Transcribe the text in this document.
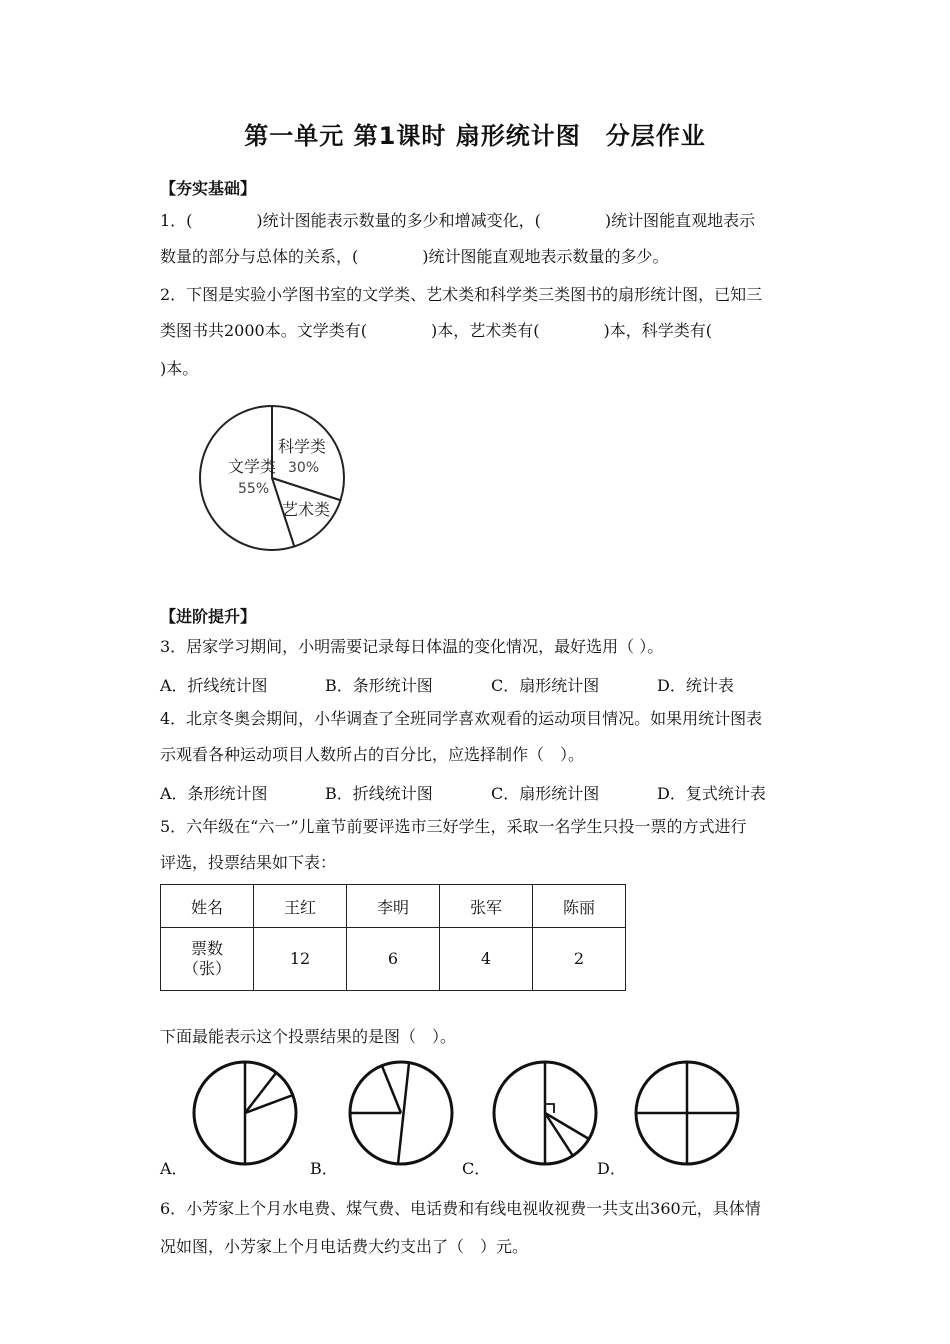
第一单元 第1课时 扇形统计图　分层作业
【夯实基础】
1．(　　　　)统计图能表示数量的多少和增减变化，(　　　　)统计图能直观地表示
数量的部分与总体的关系，(　　　　)统计图能直观地表示数量的多少。
2．下图是实验小学图书室的文学类、艺术类和科学类三类图书的扇形统计图，已知三
类图书共2000本。文学类有(　　　　)本，艺术类有(　　　　)本，科学类有(
)本。
文学类
55%
科学类
30%
艺术类
【进阶提升】
3．居家学习期间，小明需要记录每日体温的变化情况，最好选用（ ）。
A．折线统计图	B．条形统计图	C．扇形统计图	D．统计表
4．北京冬奥会期间，小华调查了全班同学喜欢观看的运动项目情况。如果用统计图表
示观看各种运动项目人数所占的百分比，应选择制作（　）。
A．条形统计图	B．折线统计图	C．扇形统计图	D．复式统计表
5．六年级在“六一”儿童节前要评选市三好学生，采取一名学生只投一票的方式进行
评选，投票结果如下表：
姓名	王红	李明	张军	陈丽

票数
（张）	12	6	4	2
下面最能表示这个投票结果的是图（　）。
A．	B．	C．	D．
6．小芳家上个月水电费、煤气费、电话费和有线电视收视费一共支出360元，具体情
况如图，小芳家上个月电话费大约支出了（　）元。
